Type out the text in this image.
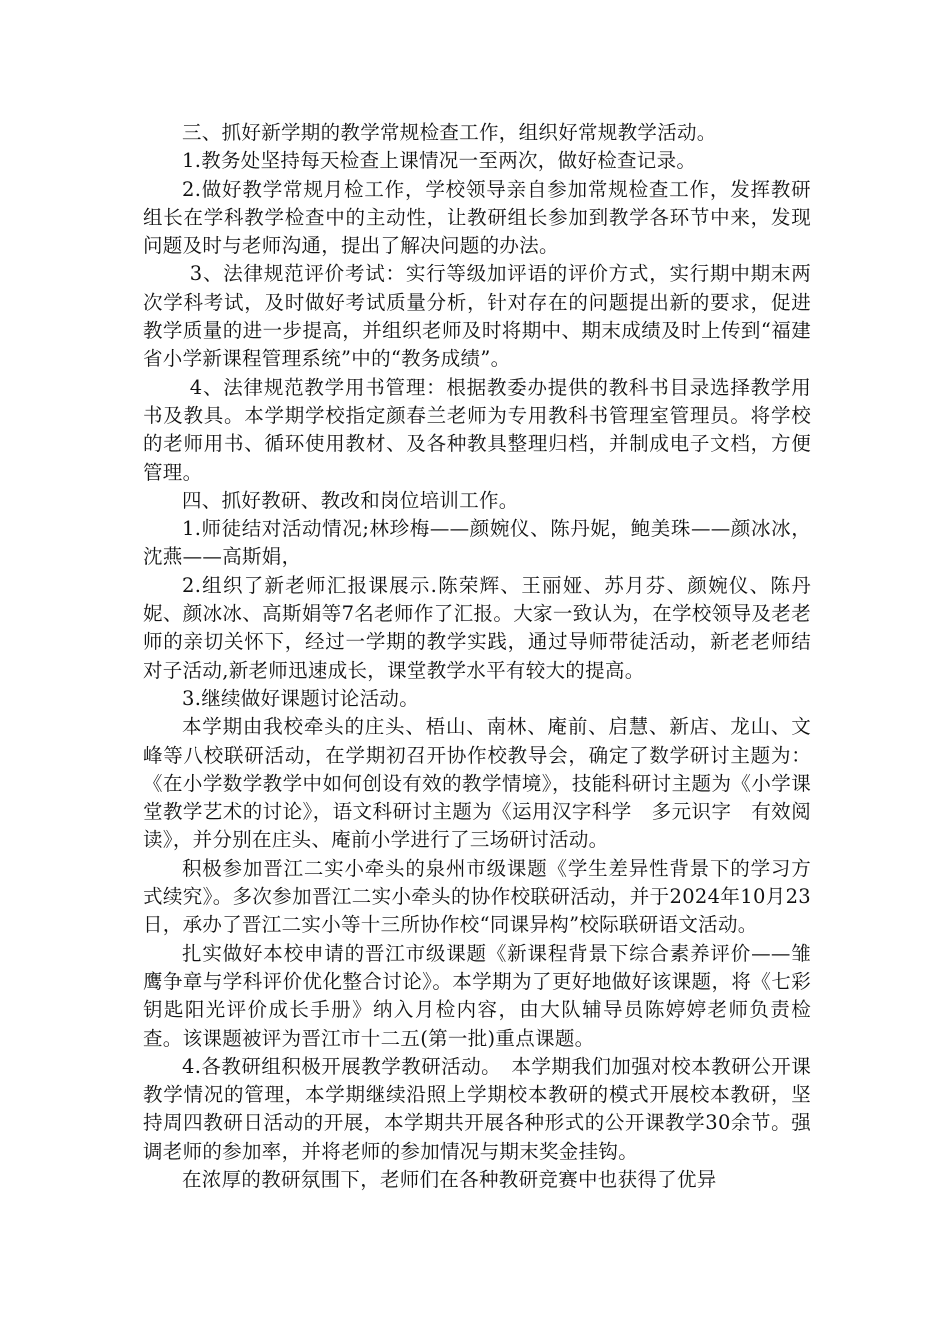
三、抓好新学期的教学常规检查工作，组织好常规教学活动。

1.教务处坚持每天检查上课情况一至两次，做好检查记录。

2.做好教学常规月检工作，学校领导亲自参加常规检查工作，发挥教研组长在学科教学检查中的主动性，让教研组长参加到教学各环节中来，发现问题及时与老师沟通，提出了解决问题的办法。

3、法律规范评价考试：实行等级加评语的评价方式，实行期中期末两次学科考试，及时做好考试质量分析，针对存在的问题提出新的要求，促进教学质量的进一步提高，并组织老师及时将期中、期末成绩及时上传到“福建省小学新课程管理系统”中的“教务成绩”。

4、法律规范教学用书管理：根据教委办提供的教科书目录选择教学用书及教具。本学期学校指定颜春兰老师为专用教科书管理室管理员。将学校的老师用书、循环使用教材、及各种教具整理归档，并制成电子文档，方便管理。

四、抓好教研、教改和岗位培训工作。

1.师徒结对活动情况;林珍梅——颜婉仪、陈丹妮，鲍美珠——颜冰冰，沈燕——高斯娟，

2.组织了新老师汇报课展示.陈荣辉、王丽娅、苏月芬、颜婉仪、陈丹妮、颜冰冰、高斯娟等7名老师作了汇报。大家一致认为，在学校领导及老老师的亲切关怀下，经过一学期的教学实践，通过导师带徒活动，新老老师结对子活动,新老师迅速成长，课堂教学水平有较大的提高。

3.继续做好课题讨论活动。

本学期由我校牵头的庄头、梧山、南林、庵前、启慧、新店、龙山、文峰等八校联研活动，在学期初召开协作校教导会，确定了数学研讨主题为：《在小学数学教学中如何创设有效的教学情境》，技能科研讨主题为《小学课堂教学艺术的讨论》，语文科研讨主题为《运用汉字科学　多元识字　有效阅读》，并分别在庄头、庵前小学进行了三场研讨活动。

积极参加晋江二实小牵头的泉州市级课题《学生差异性背景下的学习方式续究》。多次参加晋江二实小牵头的协作校联研活动，并于2024年10月23日，承办了晋江二实小等十三所协作校“同课异构”校际联研语文活动。

扎实做好本校申请的晋江市级课题《新课程背景下综合素养评价——雏鹰争章与学科评价优化整合讨论》。本学期为了更好地做好该课题，将《七彩钥匙阳光评价成长手册》纳入月检内容，由大队辅导员陈婷婷老师负责检查。该课题被评为晋江市十二五(第一批)重点课题。

4.各教研组积极开展教学教研活动。　本学期我们加强对校本教研公开课教学情况的管理，本学期继续沿照上学期校本教研的模式开展校本教研，坚持周四教研日活动的开展，本学期共开展各种形式的公开课教学30余节。强调老师的参加率，并将老师的参加情况与期末奖金挂钩。

在浓厚的教研氛围下，老师们在各种教研竞赛中也获得了优异
